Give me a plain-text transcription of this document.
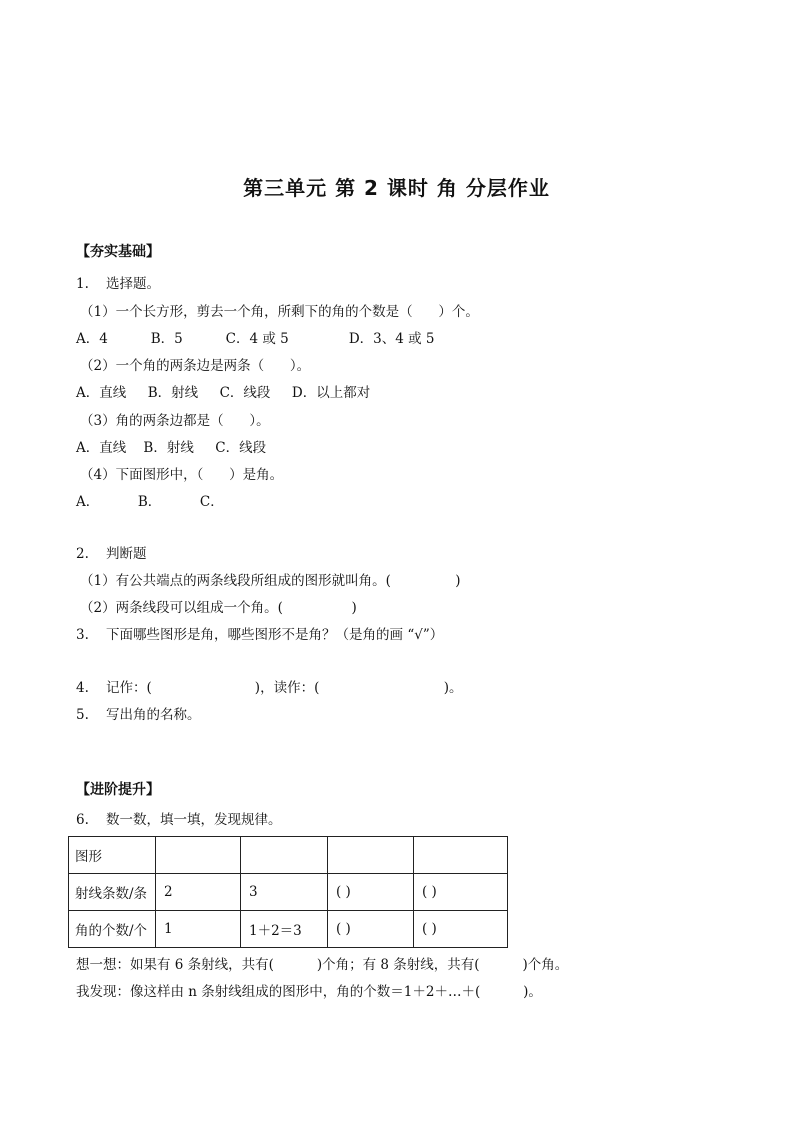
第三单元 第 2 课时 角 分层作业
【夯实基础】
1.    选择题。
（1）一个长方形，剪去一个角，所剩下的角的个数是（      ）个。
A．4          B．5          C．4 或 5              D．3、4 或 5
（2）一个角的两条边是两条（      ）。
A．直线     B．射线     C．线段     D．以上都对
（3）角的两条边都是（      ）。
A．直线    B．射线     C．线段
（4）下面图形中，（      ）是角。
A．         B．         C．
2.    判断题
（1）有公共端点的两条线段所组成的图形就叫角。(               )
（2）两条线段可以组成一个角。(                )
3.    下面哪些图形是角，哪些图形不是角？（是角的画 “√”）
4.    记作：(                        )，读作：(                             )。
5.    写出角的名称。
【进阶提升】
6.    数一数，填一填，发现规律。
图形				
射线条数/条	2	3	( )	( )
角的个数/个	1	1＋2＝3	( )	( )
想一想：如果有 6 条射线，共有(          )个角；有 8 条射线，共有(          )个角。
我发现：像这样由 n 条射线组成的图形中，角的个数＝1＋2＋…＋(          )。
